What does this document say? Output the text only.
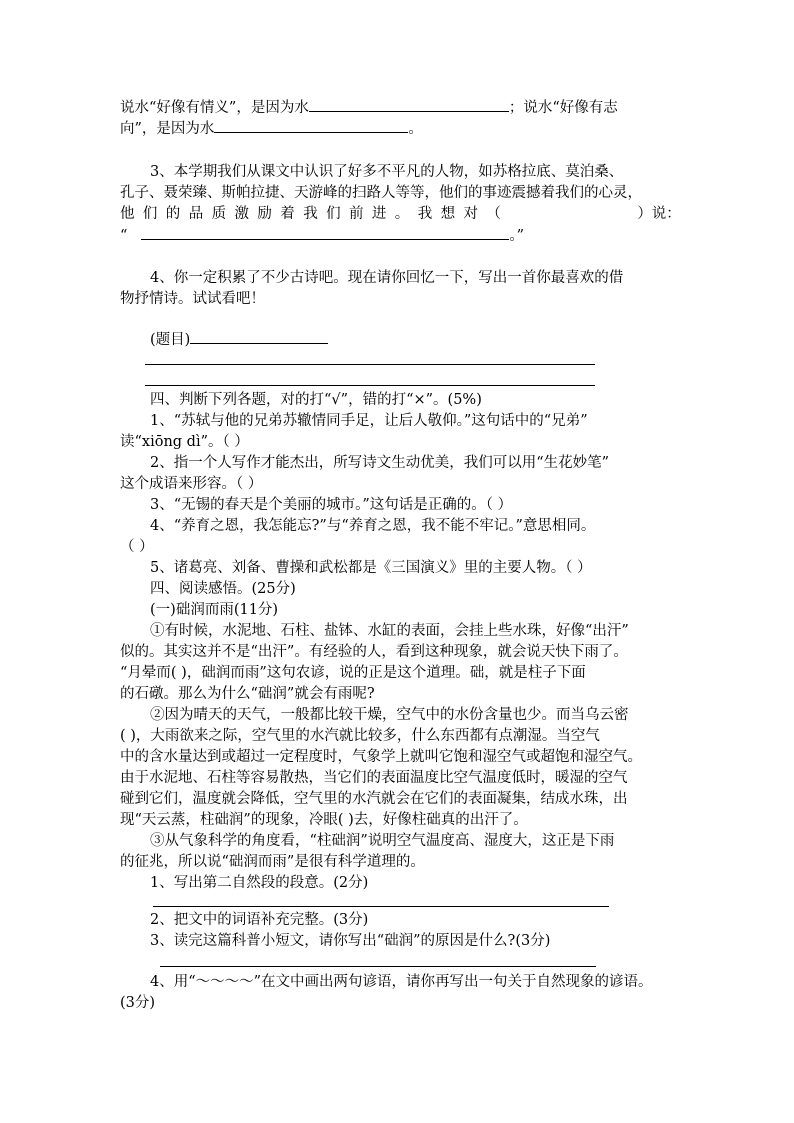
说水“好像有情义”，是因为水	；说水“好像有志
向”，是因为水	。
3、本学期我们从课文中认识了好多不平凡的人物，如苏格拉底、莫泊桑、
孔子、聂荣臻、斯帕拉捷、天游峰的扫路人等等，他们的事迹震撼着我们的心灵，
他们的品质激励着我们前进。我想对（	）说：
“	。”
4、你一定积累了不少古诗吧。现在请你回忆一下，写出一首你最喜欢的借
物抒情诗。试试看吧！
(题目)
四、判断下列各题，对的打“√”，错的打“×”。(5%)
1、“苏轼与他的兄弟苏辙情同手足，让后人敬仰。”这句话中的“兄弟”
读“xiōng dì”。（ ）
2、指一个人写作才能杰出，所写诗文生动优美，我们可以用“生花妙笔”
这个成语来形容。（ ）
3、“无锡的春天是个美丽的城市。”这句话是正确的。（ ）
4、“养育之恩，我怎能忘?”与“养育之恩，我不能不牢记。”意思相同。
（ ）
5、诸葛亮、刘备、曹操和武松都是《三国演义》里的主要人物。（ ）
四、阅读感悟。(25分)
(一)础润而雨(11分)
①有时候，水泥地、石柱、盐钵、水缸的表面，会挂上些水珠，好像“出汗”
似的。其实这并不是“出汗”。有经验的人，看到这种现象，就会说天快下雨了。
“月晕而( )，础润而雨”这句农谚，说的正是这个道理。础，就是柱子下面
的石礅。那么为什么“础润”就会有雨呢?
②因为晴天的天气，一般都比较干燥，空气中的水份含量也少。而当乌云密
( )，大雨欲来之际，空气里的水汽就比较多，什么东西都有点潮湿。当空气
中的含水量达到或超过一定程度时，气象学上就叫它饱和湿空气或超饱和湿空气。
由于水泥地、石柱等容易散热，当它们的表面温度比空气温度低时，暖湿的空气
碰到它们，温度就会降低，空气里的水汽就会在它们的表面凝集，结成水珠，出
现“天云蒸，柱础润”的现象，冷眼( )去，好像柱础真的出汗了。
③从气象科学的角度看，“柱础润”说明空气温度高、湿度大，这正是下雨
的征兆，所以说“础润而雨”是很有科学道理的。
1、写出第二自然段的段意。(2分)
2、把文中的词语补充完整。(3分)
3、读完这篇科普小短文，请你写出“础润”的原因是什么?(3分)
4、用“～～～～”在文中画出两句谚语，请你再写出一句关于自然现象的谚语。
(3分)
